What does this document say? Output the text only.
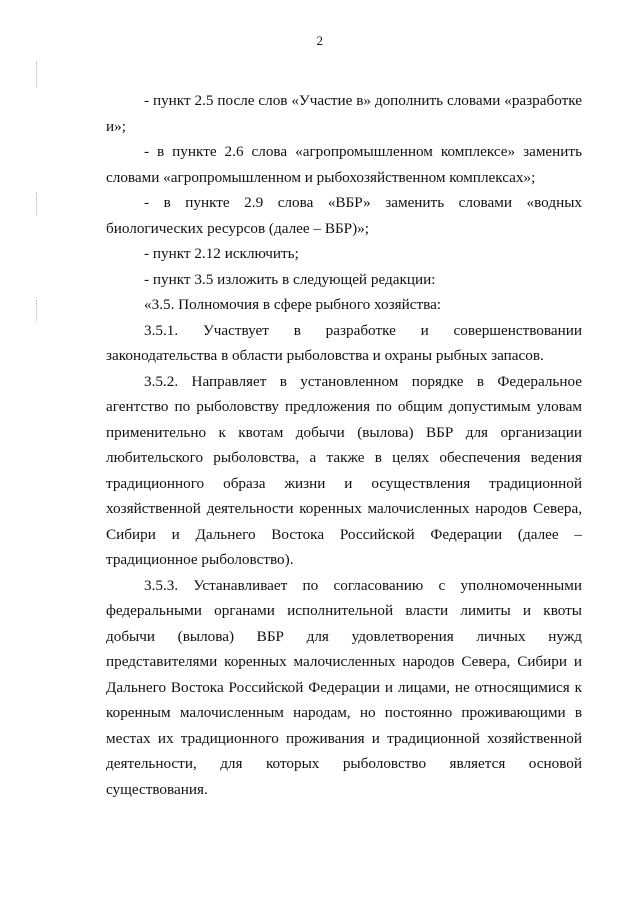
2

- пункт 2.5 после слов «Участие в» дополнить словами «разработке и»;

- в пункте 2.6 слова «агропромышленном комплексе» заменить словами «агропромышленном и рыбохозяйственном комплексах»;

- в пункте 2.9 слова «ВБР» заменить словами «водных биологических ресурсов (далее – ВБР)»;

- пункт 2.12 исключить;

- пункт 3.5 изложить в следующей редакции:

«3.5. Полномочия в сфере рыбного хозяйства:

3.5.1. Участвует в разработке и совершенствовании законодательства в области рыболовства и охраны рыбных запасов.

3.5.2. Направляет в установленном порядке в Федеральное агентство по рыболовству предложения по общим допустимым уловам применительно к квотам добычи (вылова) ВБР для организации любительского рыболовства, а также в целях обеспечения ведения традиционного образа жизни и осуществления традиционной хозяйственной деятельности коренных малочисленных народов Севера, Сибири и Дальнего Востока Российской Федерации (далее – традиционное рыболовство).

3.5.3. Устанавливает по согласованию с уполномоченными федеральными органами исполнительной власти лимиты и квоты добычи (вылова) ВБР для удовлетворения личных нужд представителями коренных малочисленных народов Севера, Сибири и Дальнего Востока Российской Федерации и лицами, не относящимися к коренным малочисленным народам, но постоянно проживающими в местах их традиционного проживания и традиционной хозяйственной деятельности, для которых рыболовство является основой существования.
